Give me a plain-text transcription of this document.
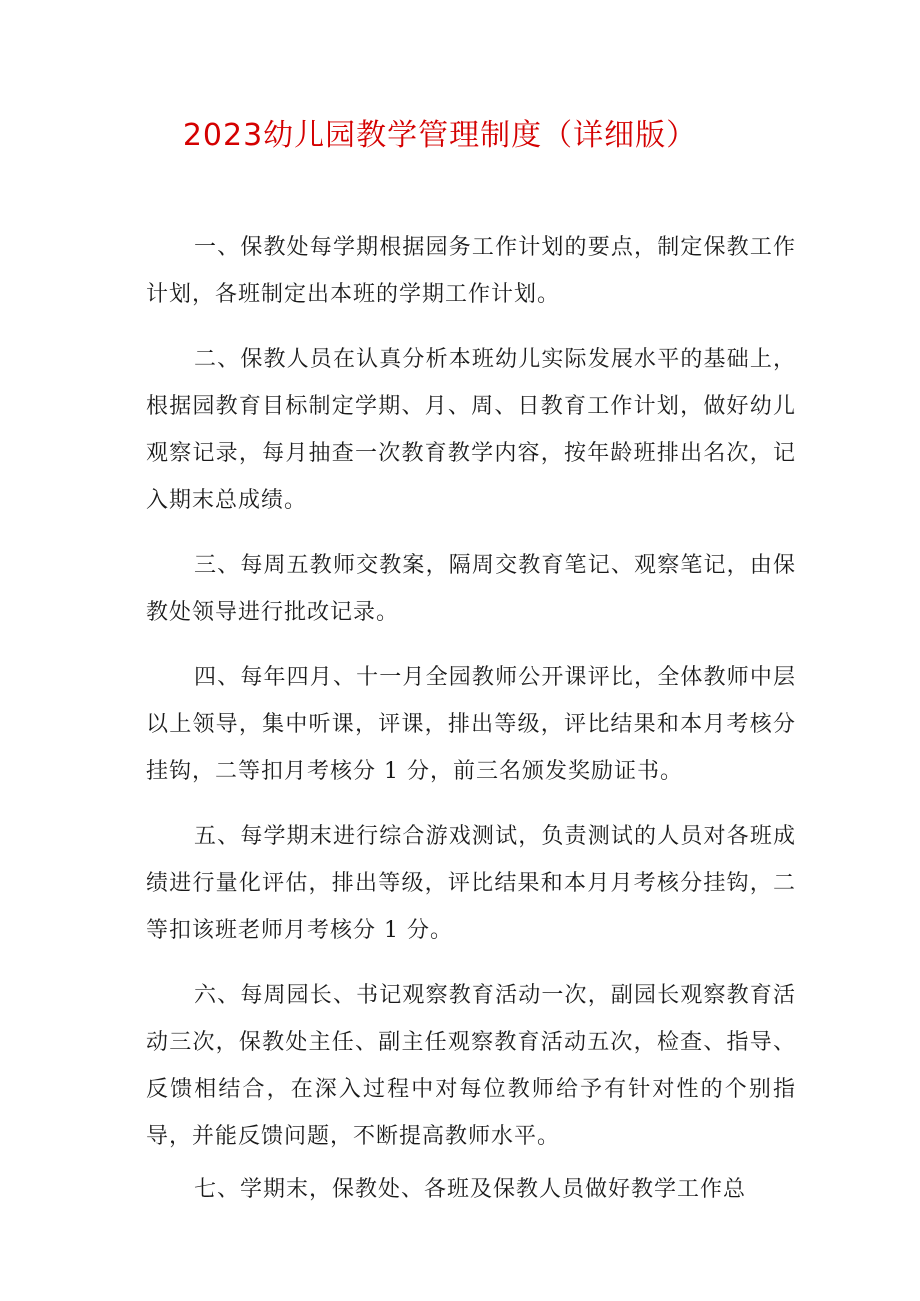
2023幼儿园教学管理制度（详细版）

一、保教处每学期根据园务工作计划的要点，制定保教工作计划，各班制定出本班的学期工作计划。

二、保教人员在认真分析本班幼儿实际发展水平的基础上，根据园教育目标制定学期、月、周、日教育工作计划，做好幼儿观察记录，每月抽查一次教育教学内容，按年龄班排出名次，记入期末总成绩。

三、每周五教师交教案，隔周交教育笔记、观察笔记，由保教处领导进行批改记录。

四、每年四月、十一月全园教师公开课评比，全体教师中层以上领导，集中听课，评课，排出等级，评比结果和本月考核分挂钩，二等扣月考核分 1 分，前三名颁发奖励证书。

五、每学期末进行综合游戏测试，负责测试的人员对各班成绩进行量化评估，排出等级，评比结果和本月月考核分挂钩，二等扣该班老师月考核分 1 分。

六、每周园长、书记观察教育活动一次，副园长观察教育活动三次，保教处主任、副主任观察教育活动五次，检查、指导、反馈相结合，在深入过程中对每位教师给予有针对性的个别指导，并能反馈问题，不断提高教师水平。

七、学期末，保教处、各班及保教人员做好教学工作总
